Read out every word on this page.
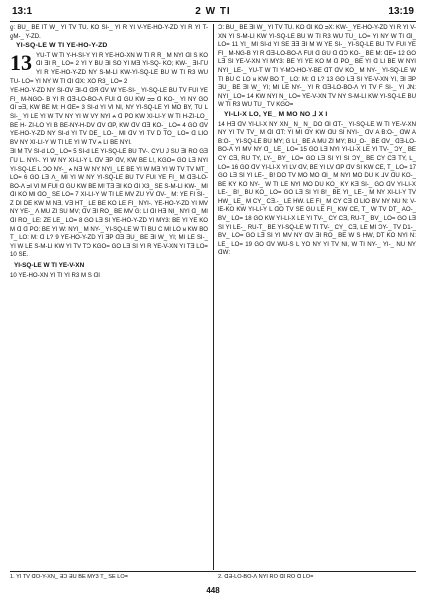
13:1	2 W TI	13:19

ƍ: BU_ BE IT W_ YI TV TU. KO SI-_ YI R YI V-YE-HO-Y-ZD YI R YI T-ƍM-_ Y-ZD.

YI-SQ-LE W TI YE-HO-Y-ZD

13 YU-T W TI Y-H-SI-Y YI R YE-HO-XN W TI R R_ M NYI ᗡI S KO ᗡI ƎI R_ LO= 2 YI Y BU ƎI SO YI MƎ YI-SQ- KO; KW-_ ƎI-ΓU YI R YE-HO-Y-ZD NY S-M-LI KW-YI-SQ-LE BU W TI R3 WU TU- LO= YI NY W TI ᗡI ᗡX: XO R3_ LO= 2

YE-HO-Y-ZD NY SI-ᗡV ƎI-ᗡ ᗡЯ ᗡV W YE-SI-_ YI-SQ-LE BU TV FUI YE FI_ M-NGO- B YI R ᗡƎ-LO-BO-Ʌ FUI ᗡ GU KW ᴝᴝ ᗡ KO-_ YI NY GO ᗡI ᴝƎ, KW BE M: H ᗡE= 3 SI-d YI VI NI, NY YI-SQ-LE YI MO BY, TU L SI-_ YI LE YI W TV NY YI W VY NYI ⩜ ᗡ PO KW XI-LI-Y W TI H-ZI-LO_ BE H- ZI-LO YI B BE-NY-H-DV ᗡV ᗡP, KW ᗡV ᗡƎ KO-_ LO= 4 GO ᗡV YE-HO-Y-ZD NY SI-d YI TV DE_ LO-_ MI ᗡV YI TV D TO_ LO= ᗡ LIO BV NY XI-LI-Y W TI LE YI W TV ⩜ LI BE NYI.

ƎI M TV SI-d LO_ LO= 5 SI-d LE YI-SQ-LE BU TV-. CYU J SU ƎI RO GƎ ΓU L. NYI-. YI W NY XI-LI-Y L ᗡV ƎP ᗡV, KW BE L!, KGO= GO LƎ NYI YI-SQ-LE L ƆO NY-_ ⩜ NƎ W NY NYI_ LE BE YI W MƎ YI W TV TV MT_ LO= 6 GO LƎ Λ_ MI YI W NY YI-SQ-LE BU TV FUI YE FI_ M ᗡƎ-LO-BO-Ʌ ᴝI VI M FUI ᗡ GU KW BE M! TƎ ƎI KO ᗡI X3_ SE S-M-LI KW-_ MI ᗡI KO MI ᗡO_ SE LO= 7 XI-LI-Y W TI LE MV ZU YV ᗡV-_ M: YE FI SI-_ Z DI DE KW M NƎ. VƎ HT_ LE BE KO LE FI_ NYI-. YE-HO-Y-ZD YI MV NY YE-_ Λ MU ZI SU MV; ᗡV ƎI RO_ BE MV G: LI ᗡI HƎ NI_ NYI ᗡ_ MI ᗡI RO_ LE: ZE LE_ LO= 8 GO LƎ SI YE-HO-Y-ZD YI MY3: BE YI YE KO M ᗡ ᗡ PO: BE YI W: NYI_ M NY-_ YI-SQ-LE W TI BU C MI LO ᴚ KW BO T_ LO: M: ᗡ L? 9 YE-HO-Y-ZD YI ƎP ᗡƎ ƎU_ BE ƎI W_ YI; MI LE SI-_ YI W LE S-M-LI KW YI TV TƆ KGO= GO LƎ SI YI R YE-V-XN YI TƎ LO= 10 SE.

YI-SQ-LE W TI YE-V-XN

10 YE-HO-XN YI TI YI R3 M S ᗡI

Ɔ: BU_ BE ƎI W_ YI TV TU. KO ᗡI KO ᴝX: KW-_ YE-HO-Y-ZD YI R YI V-XN YI S-M-LI KW YI-SQ-LE BU W TI R3 WU TU_ LO= YI NY W TI ᗡI_ LO= 11 YI_ MI SI-d YI SE ƎƎ ƎI M W YE SI-_ YI-SQ-LE BU TV FUI YE FI_ M-NG-B YI R ᗡƎ-LO-BO-Ʌ FUI ᗡ GU ᗡ ᗡƆ KO-_ BE M: ᗡE= 12 GO LƎ SI YE-V-XN YI MY3: BE YI YE KO M ᗡ PO_ BE YI ᗡ LI BE W NYI NYI_ LE-_ YU-T W TI Y-MƆ-HO-Y-BE ᗡT ᗡV KO_ M NY-_ YI-SQ-LE W TI BU C LO ᴚ KW BO T_ LO: M: ᗡ L? 13 GO LƎ SI YE-V-XN YI, ƎI ƎP ƎU_ BE ƎI W_ YI; MI LE NY-_ YI R ᗡƎ-LO-BO-Ʌ YI TV F SI-_ YI JN: NYI_ LO= 14 KW NYI N_ LO= YE-V-XN TV NY S-M-LI KW YI-SQ-LE BU W TI R3 WU TU_ TV KGO=

YI-LI-X LO, YE_ M MO NO ⅃ X I

14 HƎ ᗡV YI-LI-X NY XN_ N_ N_ DO ᗡI ᗡT-_ YI-SQ-LE W TI YE-V-XN NY YI TV TV_ M ᗡI ᗡT: YI MI ᗡY KW ᗡU SI NYI-_ ᗡV A B:O-_ ᗡW A B:O-_ YI-SQ-LE BU MY; G LI_ BE A MU ZI MY; BU_O-_ BE ᗡV_ ᗡƎ-LO-BO-Ʌ YI MV NY ᗡ_ LE_ LO= 15 GO LƎ NYI YI-LI-X LE YI TV-_ ƆY_ BE CY CƎ, RU TY, LY-_ BY_ LO= GO LƎ SI YI SI ƆY_ BE CY CƎ TY, L_ LO= 16 GO ᗡV YI-LI-X YI LV ᗡV, BE YI LV ᗡP ᗡV SI KW CE, T_ LO= 17 GO LƎ SI YI LE-_ B! DO TV MO MO ᗡI_ M NYI MO DU K ⅃V ᗡU KO-_ BE KY KO NY-_ W TI LE NYI MO DU KO_ KY KƎ SI-_ GO ᗡV YI-LI-X LE-_ B!_ BU KO_ LO= GO LƎ SI YI B!_ BE YI_ LE-_ M NY XI-LI-Y TV HW_ LE_ M CY_ CƎ.-_ LE HW. LE FI_ M CY CƎ ᗡ LIO BV NY NU N: V-ƖE-KO KW YI-LI-Y L ᗡO TV SE GU LE FI_ KW CE, T_ W TV DT_ AO-_ BV_ LO= 18 GO KW YI-LI-X LE YI TV-_ CY CƎ, RU-T_ BV_ LO= GO LƎ SI YI LE-_ RU-T_ BE YI-SQ-LE W TI TV-_ CY_ CƎ, LE MI ƆY-_ TV D1-_ BV_ LO= GO LƎ SI YI MV NY ᗡV ƎI RO_ BE W S HW, DT KO NYI N: LE_ LO= 19 GO ᗡV WU-S L YO NY YI TV NI, W TI NY-_ YI-_ NU NY ᗡW:

1. YI TV ᗡO-Y-XN_ ƎƆ ƎU BE MY3 T_ SE LO=	2. ᗡƎ-LO-BO-Ʌ NYI RO ᗡI RO ᗡ LO=
448
